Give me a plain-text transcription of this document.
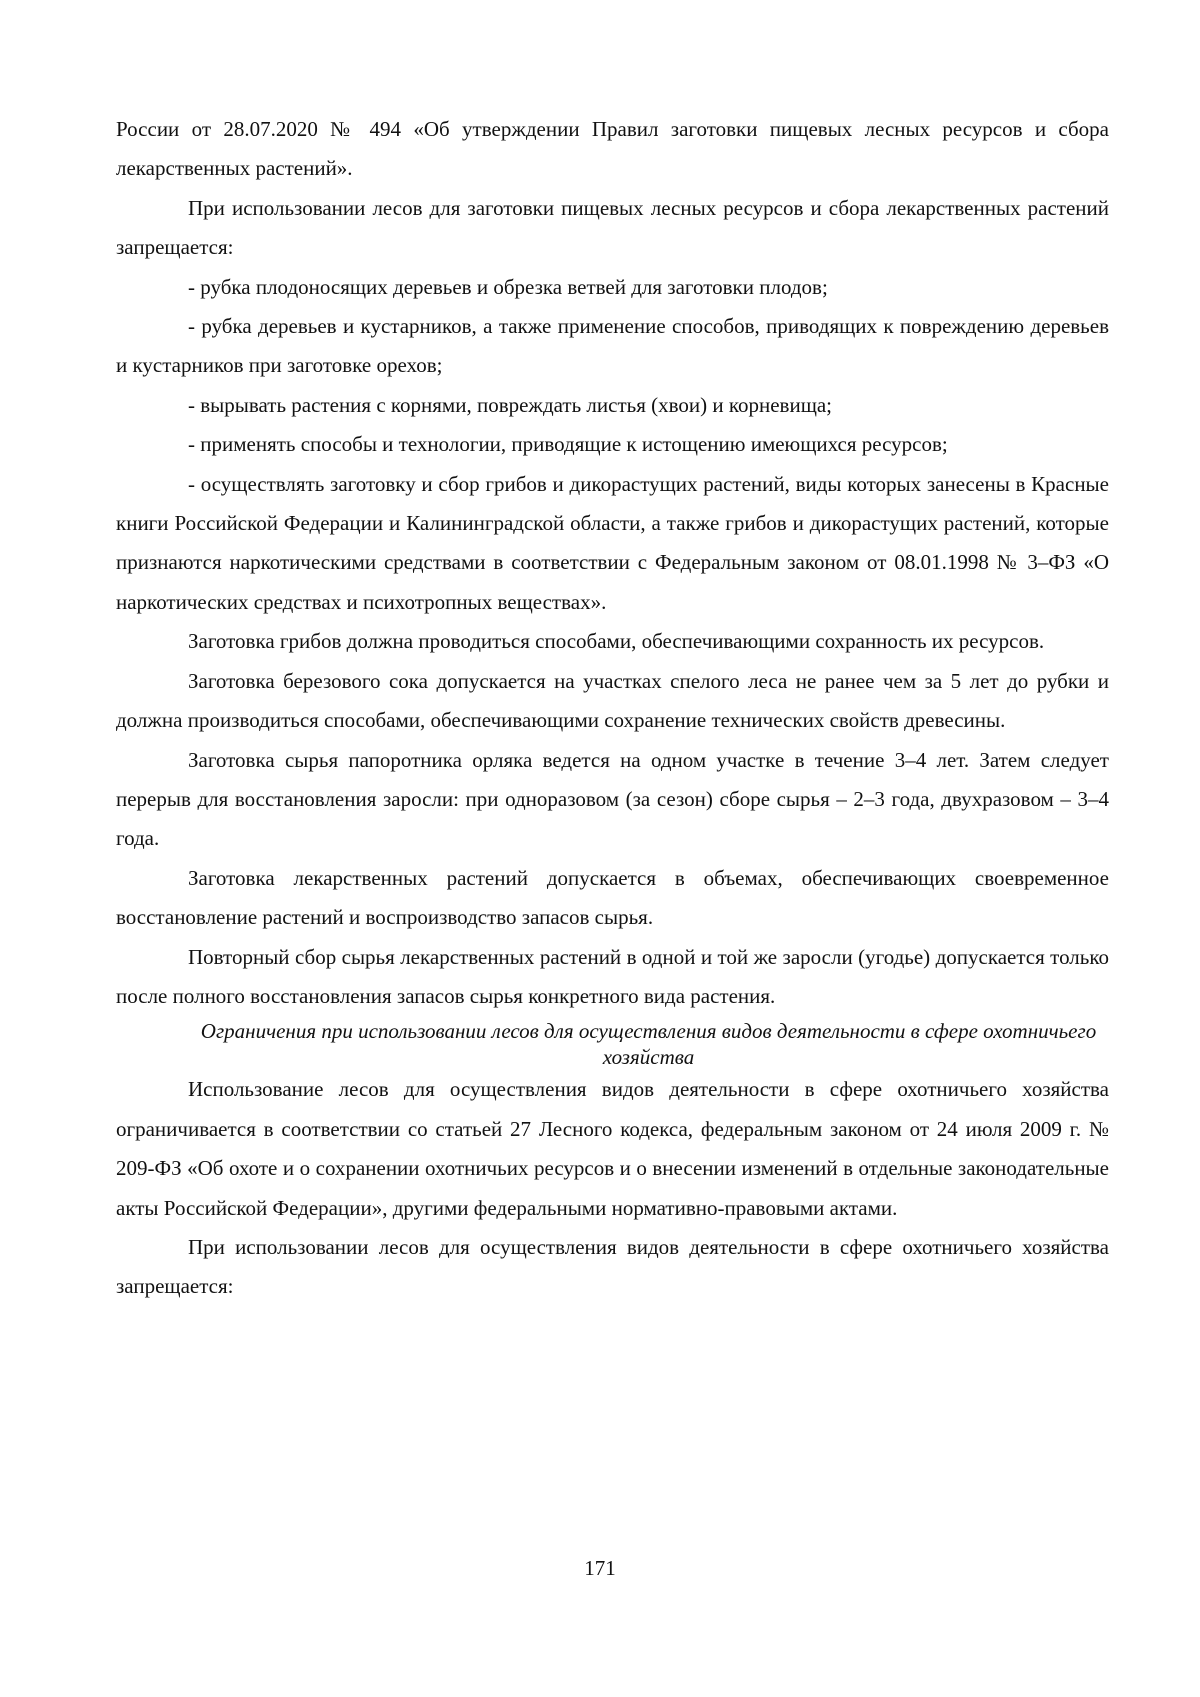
России от 28.07.2020 № 494 «Об утверждении Правил заготовки пищевых лесных ресурсов и сбора лекарственных растений».

При использовании лесов для заготовки пищевых лесных ресурсов и сбора лекарственных растений запрещается:

- рубка плодоносящих деревьев и обрезка ветвей для заготовки плодов;

- рубка деревьев и кустарников, а также применение способов, приводящих к повреждению деревьев и кустарников при заготовке орехов;

- вырывать растения с корнями, повреждать листья (хвои) и корневища;

- применять способы и технологии, приводящие к истощению имеющихся ресурсов;

- осуществлять заготовку и сбор грибов и дикорастущих растений, виды которых занесены в Красные книги Российской Федерации и Калининградской области, а также грибов и дикорастущих растений, которые признаются наркотическими средствами в соответствии с Федеральным законом от 08.01.1998 № 3–ФЗ «О наркотических средствах и психотропных веществах».

Заготовка грибов должна проводиться способами, обеспечивающими сохранность их ресурсов.

Заготовка березового сока допускается на участках спелого леса не ранее чем за 5 лет до рубки и должна производиться способами, обеспечивающими сохранение технических свойств древесины.

Заготовка сырья папоротника орляка ведется на одном участке в течение 3–4 лет. Затем следует перерыв для восстановления заросли: при одноразовом (за сезон) сборе сырья – 2–3 года, двухразовом – 3–4 года.

Заготовка лекарственных растений допускается в объемах, обеспечивающих своевременное восстановление растений и воспроизводство запасов сырья.

Повторный сбор сырья лекарственных растений в одной и той же заросли (угодье) допускается только после полного восстановления запасов сырья конкретного вида растения.

Ограничения при использовании лесов для осуществления видов деятельности в сфере охотничьего хозяйства

Использование лесов для осуществления видов деятельности в сфере охотничьего хозяйства ограничивается в соответствии со статьей 27 Лесного кодекса, федеральным законом от 24 июля 2009 г. № 209-ФЗ «Об охоте и о сохранении охотничьих ресурсов и о внесении изменений в отдельные законодательные акты Российской Федерации», другими федеральными нормативно-правовыми актами.

При использовании лесов для осуществления видов деятельности в сфере охотничьего хозяйства запрещается:

171
